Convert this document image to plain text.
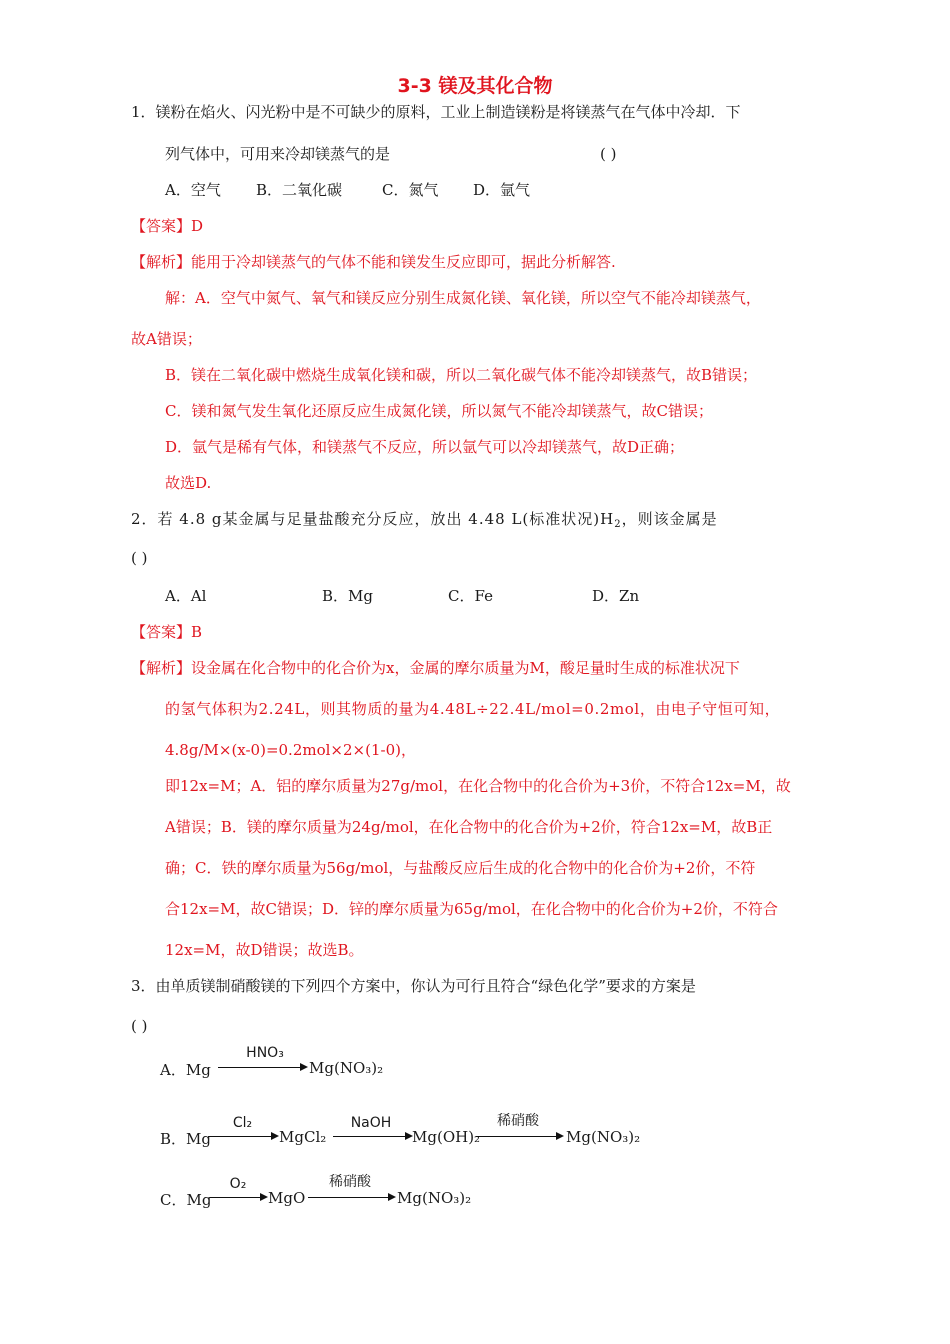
3-3 镁及其化合物
1．镁粉在焰火、闪光粉中是不可缺少的原料，工业上制造镁粉是将镁蒸气在气体中冷却．下
列气体中，可用来冷却镁蒸气的是	( )
A．空气 B．二氧化碳	C．氮气 D．氩气
【答案】D
【解析】能用于冷却镁蒸气的气体不能和镁发生反应即可，据此分析解答.
解：A．空气中氮气、氧气和镁反应分别生成氮化镁、氧化镁，所以空气不能冷却镁蒸气，
故A错误；
B．镁在二氧化碳中燃烧生成氧化镁和碳，所以二氧化碳气体不能冷却镁蒸气，故B错误；
C．镁和氮气发生氧化还原反应生成氮化镁，所以氮气不能冷却镁蒸气，故C错误；
D．氩气是稀有气体，和镁蒸气不反应，所以氩气可以冷却镁蒸气，故D正确；
故选D.
2．若 4.8 g某金属与足量盐酸充分反应，放出 4.48 L(标准状况)$H_2$，则该金属是
( )
A．Al	B．Mg	C．Fe	D．Zn
【答案】B
【解析】设金属在化合物中的化合价为x，金属的摩尔质量为M，酸足量时生成的标准状况下
的氢气体积为2.24L，则其物质的量为4.48L÷22.4L/mol=0.2mol，由电子守恒可知，
4.8g/M×(x-0)=0.2mol×2×(1-0)，
即12x=M；A．铝的摩尔质量为27g/mol，在化合物中的化合价为+3价，不符合12x=M，故
A错误；B．镁的摩尔质量为24g/mol，在化合物中的化合价为+2价，符合12x=M，故B正
确；C．铁的摩尔质量为56g/mol，与盐酸反应后生成的化合物中的化合价为+2价，不符
合12x=M，故C错误；D．锌的摩尔质量为65g/mol，在化合物中的化合价为+2价，不符合
12x=M，故D错误；故选B。
3．由单质镁制硝酸镁的下列四个方案中，你认为可行且符合“绿色化学”要求的方案是
( )
A．Mg
HNO₃
Mg(NO₃)₂
B．Mg
Cl₂
MgCl₂
NaOH
Mg(OH)₂
稀硝酸
Mg(NO₃)₂
C．Mg
O₂
→ MgO
稀硝酸
Mg(NO₃)₂
